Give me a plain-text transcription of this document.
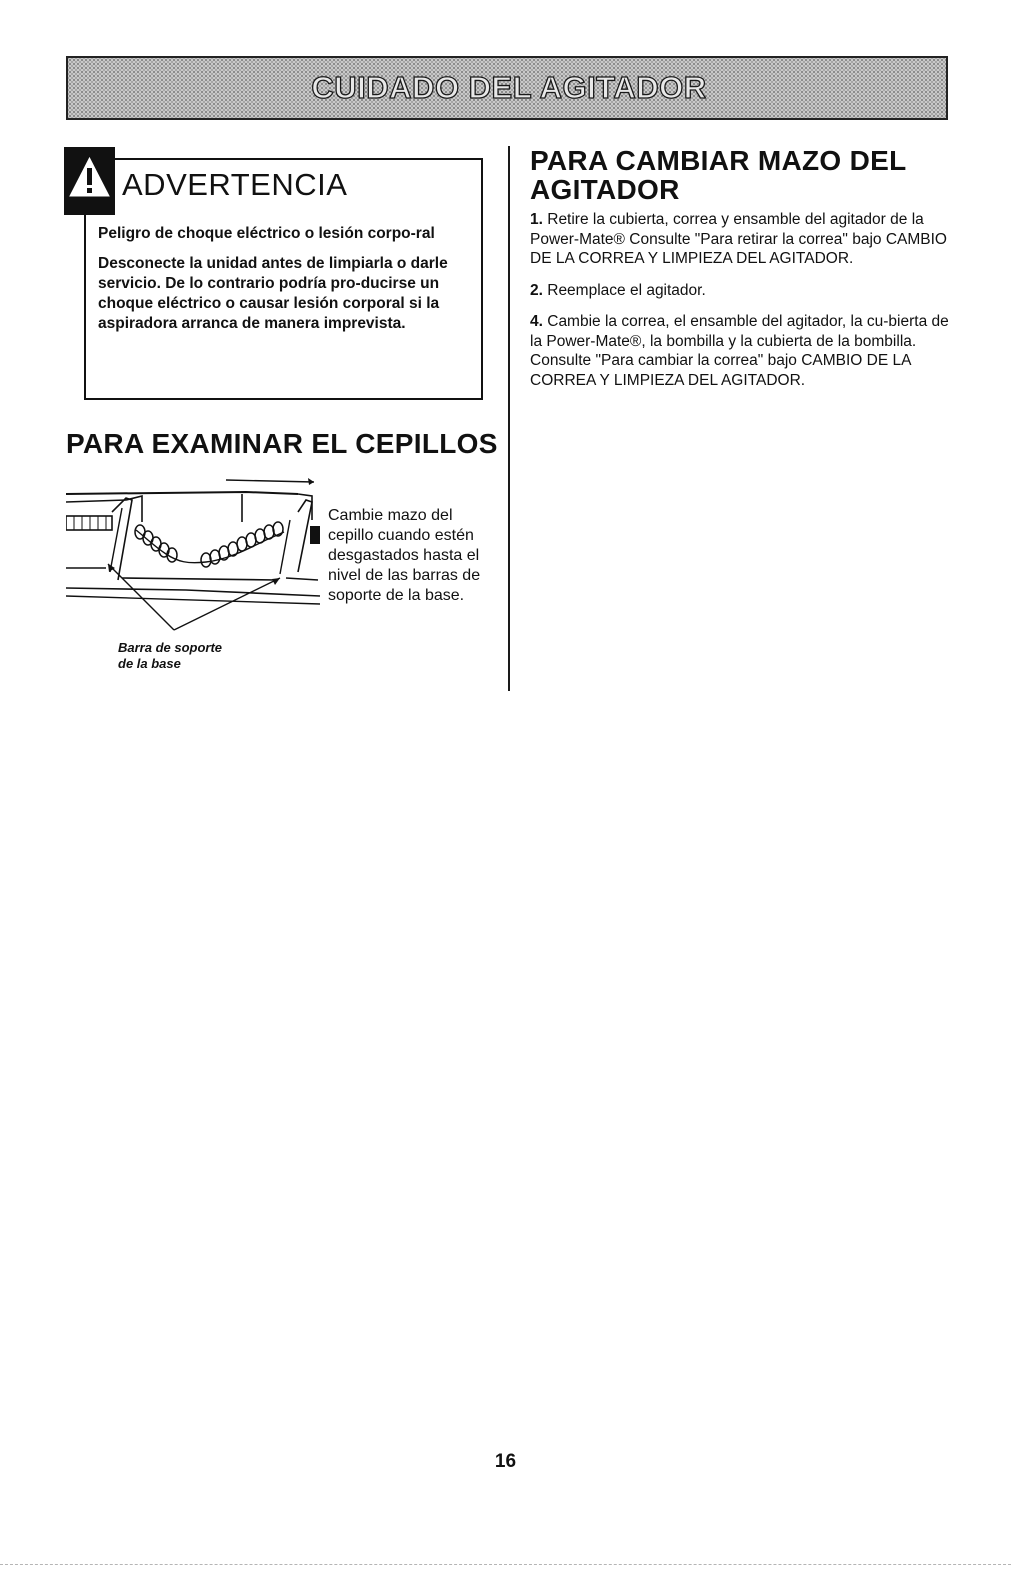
CUIDADO DEL AGITADOR
ADVERTENCIA

Peligro de choque eléctrico o lesión corpo-ral

Desconecte la unidad antes de limpiarla o darle servicio. De lo contrario podría pro-ducirse un choque eléctrico o causar lesión corporal si la aspiradora arranca de manera imprevista.

PARA EXAMINAR EL CEPILLOS
Cambie mazo del cepillo cuando estén desgastados hasta el nivel de las barras de soporte de la base.
Barra de soporte
de la base
PARA CAMBIAR MAZO DEL AGITADOR
1. Retire la cubierta, correa y ensamble del agitador de la Power-Mate® Consulte "Para retirar la correa" bajo CAMBIO DE LA CORREA Y LIMPIEZA DEL AGITADOR.
2. Reemplace el agitador.
4. Cambie la correa, el ensamble del agitador, la cu-bierta de la Power-Mate®, la bombilla y la cubierta de la bombilla. Consulte "Para cambiar la correa" bajo CAMBIO DE LA CORREA Y LIMPIEZA DEL AGITADOR.
16
